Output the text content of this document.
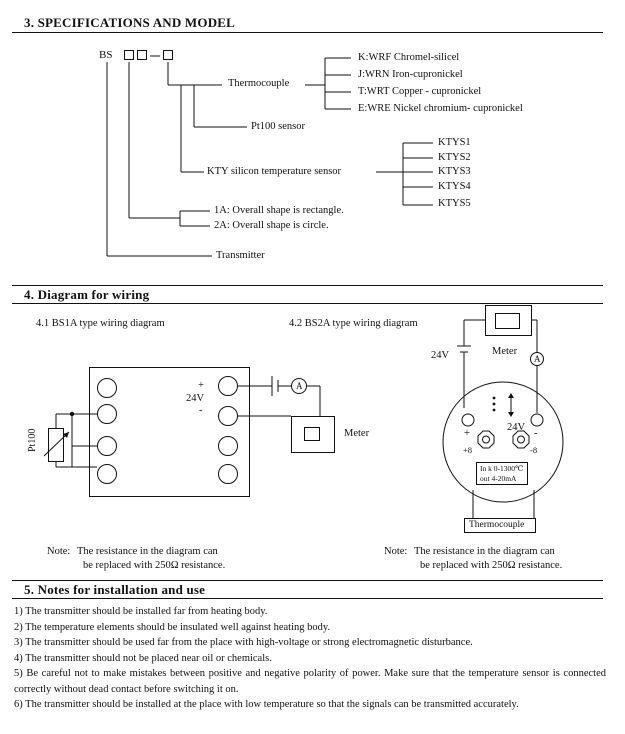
3. SPECIFICATIONS AND MODEL
BS
Thermocouple
K:WRF Chromel-silicel
J:WRN Iron-cupronickel
T:WRT Copper - cupronickel
E:WRE Nickel chromium- cupronickel
Pt100 sensor
KTY silicon temperature sensor
KTYS1
KTYS2
KTYS3
KTYS4
KTYS5
1A: Overall shape is rectangle.
2A: Overall shape is circle.
Transmitter
4. Diagram for wiring
4.1 BS1A type wiring diagram	4.2 BS2A type wiring diagram
A
A
+
24V
-
Meter
Pt100
Meter
24V
+	-
24V
+8	-8
In k 0-1300℃
out 4-20mA
Thermocouple
Note: The resistance in the diagram can
be replaced with 250Ω resistance.
Note: The resistance in the diagram can
be replaced with 250Ω resistance.
5. Notes for installation and use

1) The transmitter should be installed far from heating body.

2) The temperature elements should be insulated well against heating body.

3) The transmitter should be used far from the place with high-voltage or strong electromagnetic disturbance.

4) The transmitter should not be placed near oil or chemicals.

5) Be careful not to make mistakes between positive and negative polarity of power. Make sure that the temperature sensor is connected correctly without dead contact before switching it on.

6) The transmitter should be installed at the place with low temperature so that the signals can be transmitted accurately.
